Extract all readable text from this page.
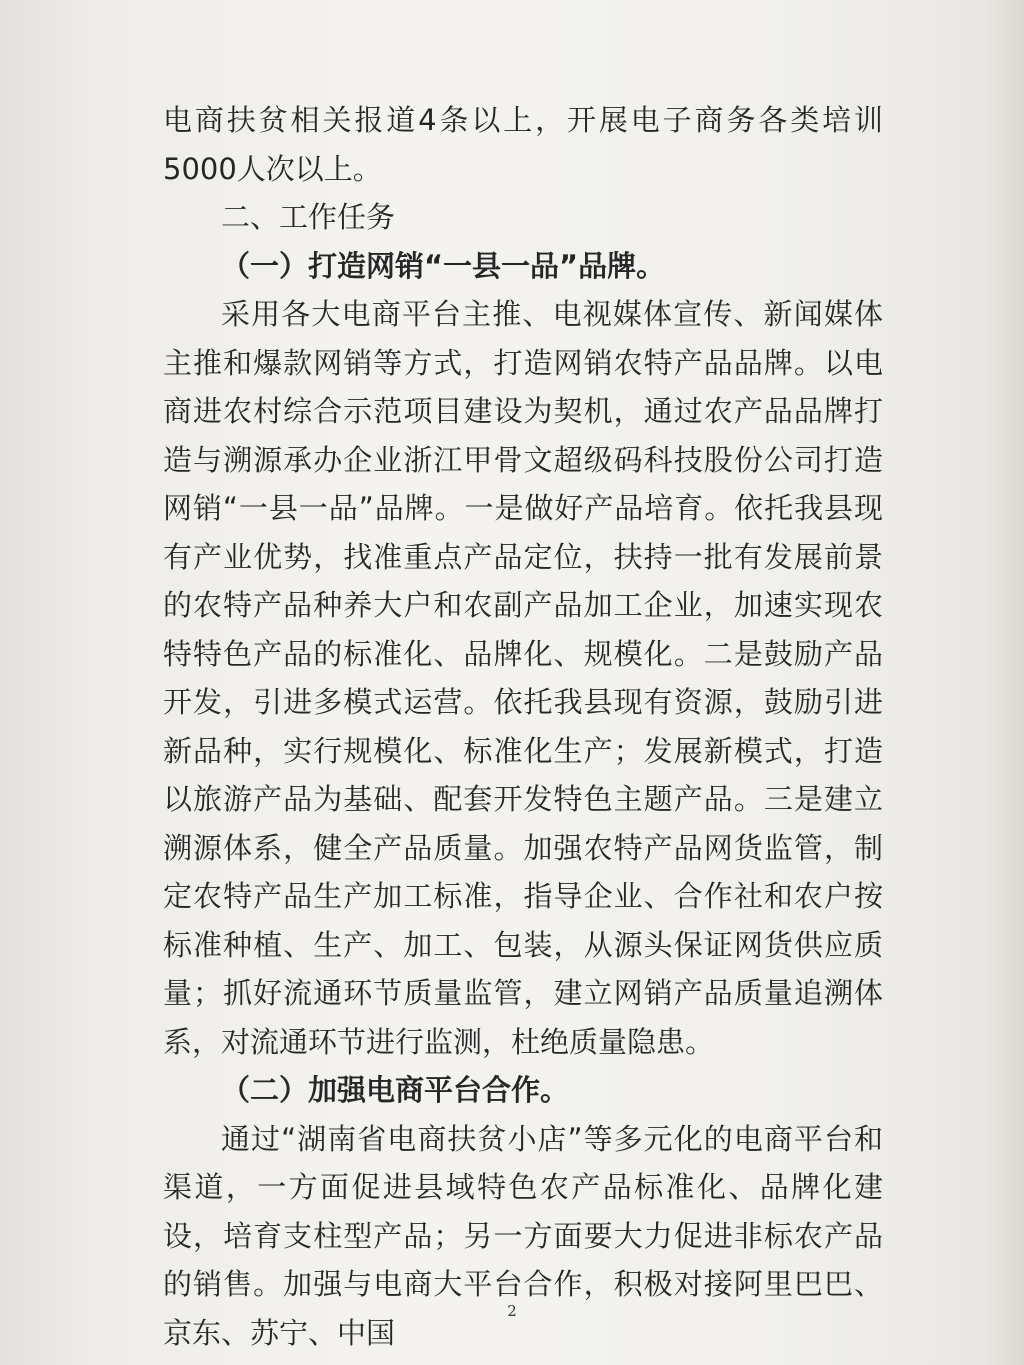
电商扶贫相关报道4条以上，开展电子商务各类培训5000人次以上。

二、工作任务

（一）打造网销“一县一品”品牌。

采用各大电商平台主推、电视媒体宣传、新闻媒体主推和爆款网销等方式，打造网销农特产品品牌。以电商进农村综合示范项目建设为契机，通过农产品品牌打造与溯源承办企业浙江甲骨文超级码科技股份公司打造网销“一县一品”品牌。一是做好产品培育。依托我县现有产业优势，找准重点产品定位，扶持一批有发展前景的农特产品种养大户和农副产品加工企业，加速实现农特特色产品的标准化、品牌化、规模化。二是鼓励产品开发，引进多模式运营。依托我县现有资源，鼓励引进新品种，实行规模化、标准化生产；发展新模式，打造以旅游产品为基础、配套开发特色主题产品。三是建立溯源体系，健全产品质量。加强农特产品网货监管，制定农特产品生产加工标准，指导企业、合作社和农户按标准种植、生产、加工、包装，从源头保证网货供应质量；抓好流通环节质量监管，建立网销产品质量追溯体系，对流通环节进行监测，杜绝质量隐患。

（二）加强电商平台合作。

通过“湖南省电商扶贫小店”等多元化的电商平台和渠道，一方面促进县域特色农产品标准化、品牌化建设，培育支柱型产品；另一方面要大力促进非标农产品的销售。加强与电商大平台合作，积极对接阿里巴巴、京东、苏宁、中国

2
